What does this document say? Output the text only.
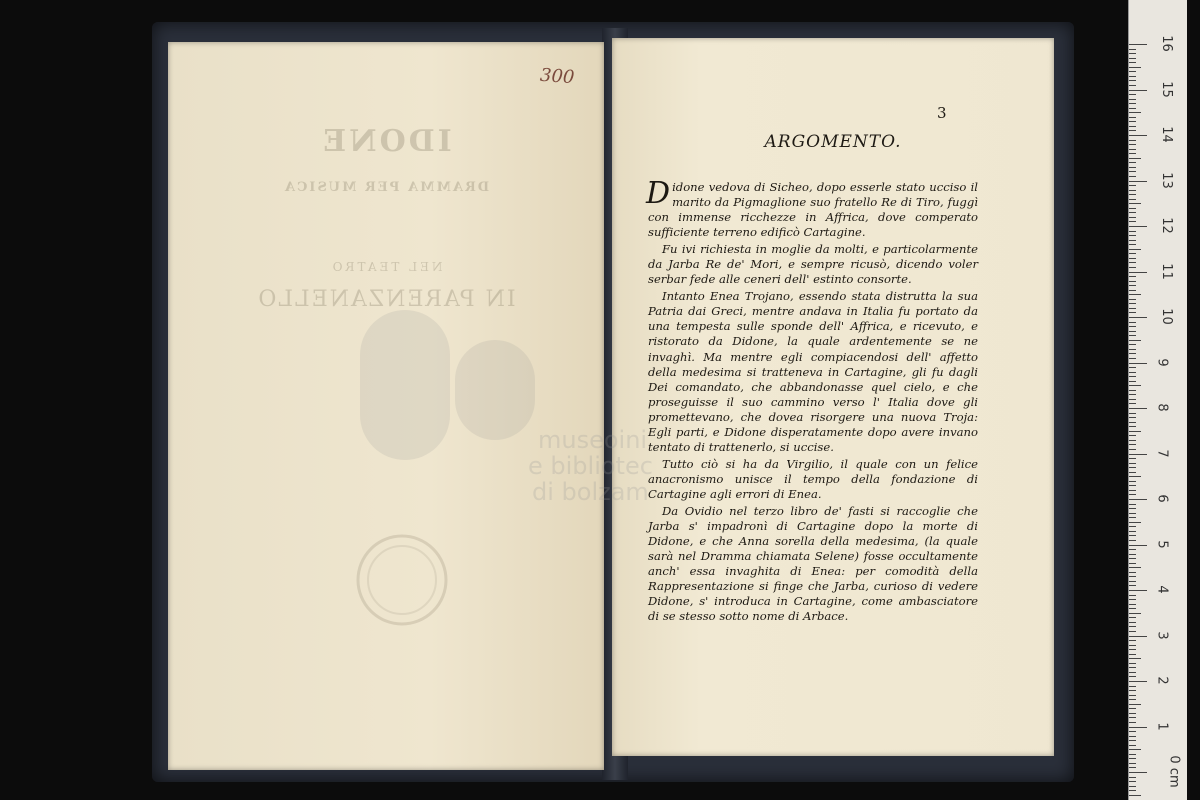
IDONE
DRAMMA PER MUSICA
NEL TEATRO
IN PARENZANELLO
300
3
ARGOMENTO.

Didone vedova di Sicheo, dopo esserle stato ucciso il marito da Pigmaglione suo fratello Re di Tiro, fuggì con immense ricchezze in Affrica, dove comperato sufficiente terreno edificò Cartagine.

Fu ivi richiesta in moglie da molti, e particolarmente da Jarba Re de' Mori, e sempre ricusò, dicendo voler serbar fede alle ceneri dell' estinto consorte.

Intanto Enea Trojano, essendo stata distrutta la sua Patria dai Greci, mentre andava in Italia fu portato da una tempesta sulle sponde dell' Affrica, e ricevuto, e ristorato da Didone, la quale ardentemente se ne invaghì. Ma mentre egli compiacendosi dell' affetto della medesima si tratteneva in Cartagine, gli fu dagli Dei comandato, che abbandonasse quel cielo, e che proseguisse il suo cammino verso l' Italia dove gli promettevano, che dovea risorgere una nuova Troja: Egli parti, e Didone disperatamente dopo avere invano tentato di trattenerlo, si uccise.

Tutto ciò si ha da Virgilio, il quale con un felice anacronismo unisce il tempo della fondazione di Cartagine agli errori di Enea.

Da Ovidio nel terzo libro de' fasti si raccoglie che Jarba s' impadronì di Cartagine dopo la morte di Didone, e che Anna sorella della medesima, (la quale sarà nel Dramma chiamata Selene) fosse occultamente anch' essa invaghita di Enea: per comodità della Rappresentazione si finge che Jarba, curioso di vedere Didone, s' introduca in Cartagine, come ambasciatore di se stesso sotto nome di Arbace.

museoini
e bibliotec
di bolzam
16
15
14
13
12
11
10
9
8
7
6
5
4
3
2
1
0 cm
